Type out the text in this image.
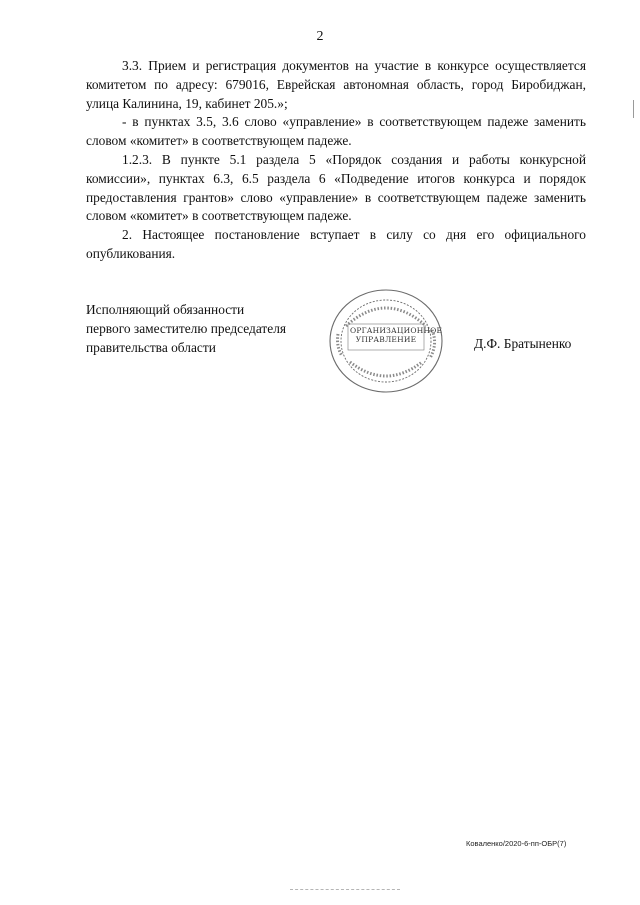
2

3.3. Прием и регистрация документов на участие в конкурсе осуществляется комитетом по адресу: 679016, Еврейская автономная область, город Биробиджан, улица Калинина, 19, кабинет 205.»;

- в пунктах 3.5, 3.6 слово «управление» в соответствующем падеже заменить словом «комитет» в соответствующем падеже.

1.2.3. В пункте 5.1 раздела 5 «Порядок создания и работы конкурсной комиссии», пунктах 6.3, 6.5 раздела 6 «Подведение итогов конкурса и порядок предоставления грантов» слово «управление» в соответствующем падеже заменить словом «комитет» в соответствующем падеже.

2. Настоящее постановление вступает в силу со дня его официального опубликования.

Исполняющий обязанности
первого заместителю председателя
правительства области
ОРГАНИЗАЦИОННОЕ
УПРАВЛЕНИЕ	Д.Ф. Братыненко
Коваленко/2020-6-пп-ОБР(7)
